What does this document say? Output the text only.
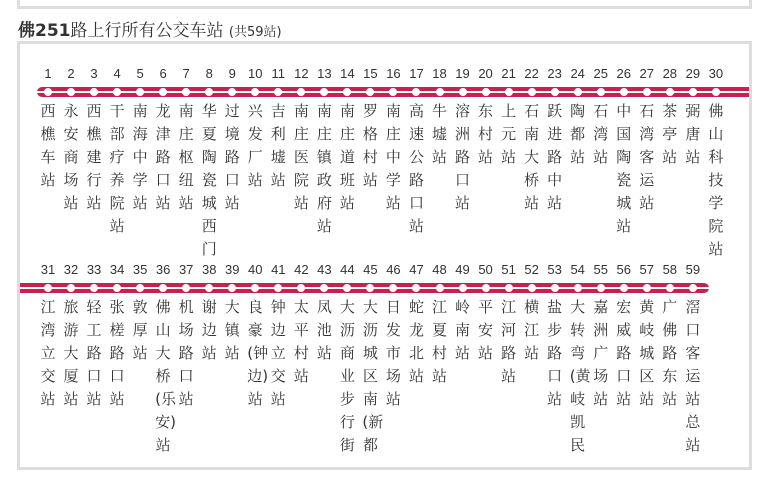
佛251路上行所有公交车站 (共59站)
1
西樵车站
2
永安商场站
3
西樵建行站
4
干部疗养院站
5
南海中学站
6
龙津路口站
7
南庄枢纽站
8
华夏陶瓷城西门
9
过境路口站
10
兴发厂站
11
吉利墟站
12
南庄医院站
13
南庄镇政府站
14
南庄道班站
15
罗格村站
16
南庄中学站
17
高速公路口站
18
牛墟站
19
溶洲路口站
20
东村站
21
上元站
22
石南大桥站
23
跃进路中站
24
陶都站
25
石湾站
26
中国陶瓷城站
27
石湾客运站
28
茶亭站
29
弼唐站
30
佛山科技学院站
31
江湾立交站
32
旅游大厦站
33
轻工路口站
34
张槎路口站
35
敦厚站
36
佛山大桥(乐安)站
37
机场路口站
38
谢边站
39
大镇站
40
良豪(钟边)站
41
钟边立交站
42
太平村站
43
凤池站
44
大沥商业步行街
45
大沥城区南(新都
46
日发市场站
47
蛇龙北站
48
江夏村站
49
岭南站
50
平安站
51
江河路站
52
横江站
53
盐步路口站
54
大转弯(黄岐凯民
55
嘉洲广场站
56
宏威路口站
57
黄岐城区站
58
广佛路东站
59
滘口客运站总站
